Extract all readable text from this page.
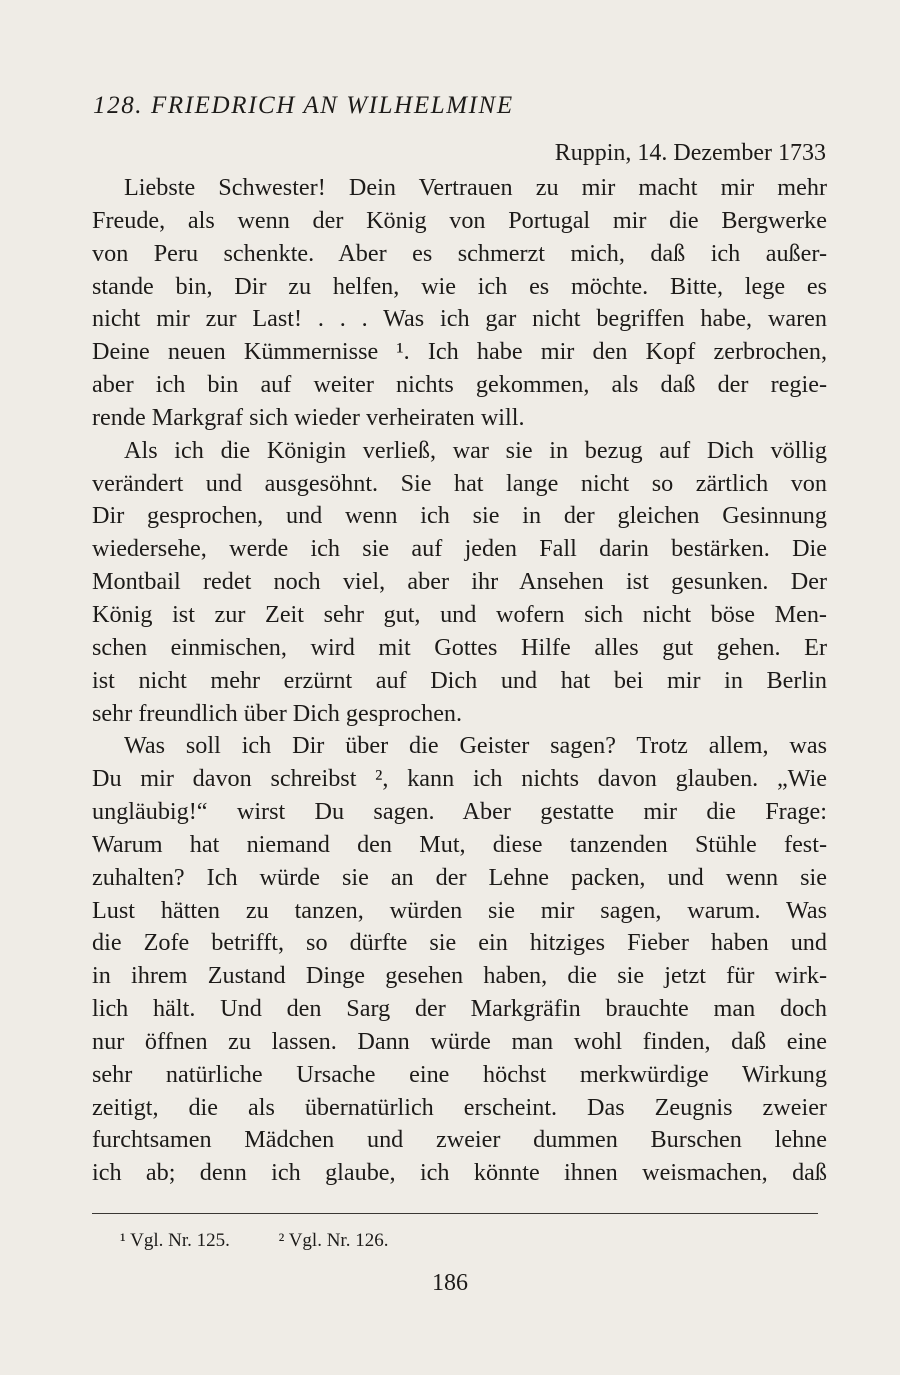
128. FRIEDRICH AN WILHELMINE
Ruppin, 14. Dezember 1733
Liebste Schwester! Dein Vertrauen zu mir macht mir mehr
Freude, als wenn der König von Portugal mir die Bergwerke
von Peru schenkte. Aber es schmerzt mich, daß ich außer-
stande bin, Dir zu helfen, wie ich es möchte. Bitte, lege es
nicht mir zur Last! . . . Was ich gar nicht begriffen habe, waren
Deine neuen Kümmernisse ¹. Ich habe mir den Kopf zerbrochen,
aber ich bin auf weiter nichts gekommen, als daß der regie-
rende Markgraf sich wieder verheiraten will.
Als ich die Königin verließ, war sie in bezug auf Dich völlig
verändert und ausgesöhnt. Sie hat lange nicht so zärtlich von
Dir gesprochen, und wenn ich sie in der gleichen Gesinnung
wiedersehe, werde ich sie auf jeden Fall darin bestärken. Die
Montbail redet noch viel, aber ihr Ansehen ist gesunken. Der
König ist zur Zeit sehr gut, und wofern sich nicht böse Men-
schen einmischen, wird mit Gottes Hilfe alles gut gehen. Er
ist nicht mehr erzürnt auf Dich und hat bei mir in Berlin
sehr freundlich über Dich gesprochen.
Was soll ich Dir über die Geister sagen? Trotz allem, was
Du mir davon schreibst ², kann ich nichts davon glauben. „Wie
ungläubig!“ wirst Du sagen. Aber gestatte mir die Frage:
Warum hat niemand den Mut, diese tanzenden Stühle fest-
zuhalten? Ich würde sie an der Lehne packen, und wenn sie
Lust hätten zu tanzen, würden sie mir sagen, warum. Was
die Zofe betrifft, so dürfte sie ein hitziges Fieber haben und
in ihrem Zustand Dinge gesehen haben, die sie jetzt für wirk-
lich hält. Und den Sarg der Markgräfin brauchte man doch
nur öffnen zu lassen. Dann würde man wohl finden, daß eine
sehr natürliche Ursache eine höchst merkwürdige Wirkung
zeitigt, die als übernatürlich erscheint. Das Zeugnis zweier
furchtsamen Mädchen und zweier dummen Burschen lehne
ich ab; denn ich glaube, ich könnte ihnen weismachen, daß
¹ Vgl. Nr. 125.	² Vgl. Nr. 126.
186
